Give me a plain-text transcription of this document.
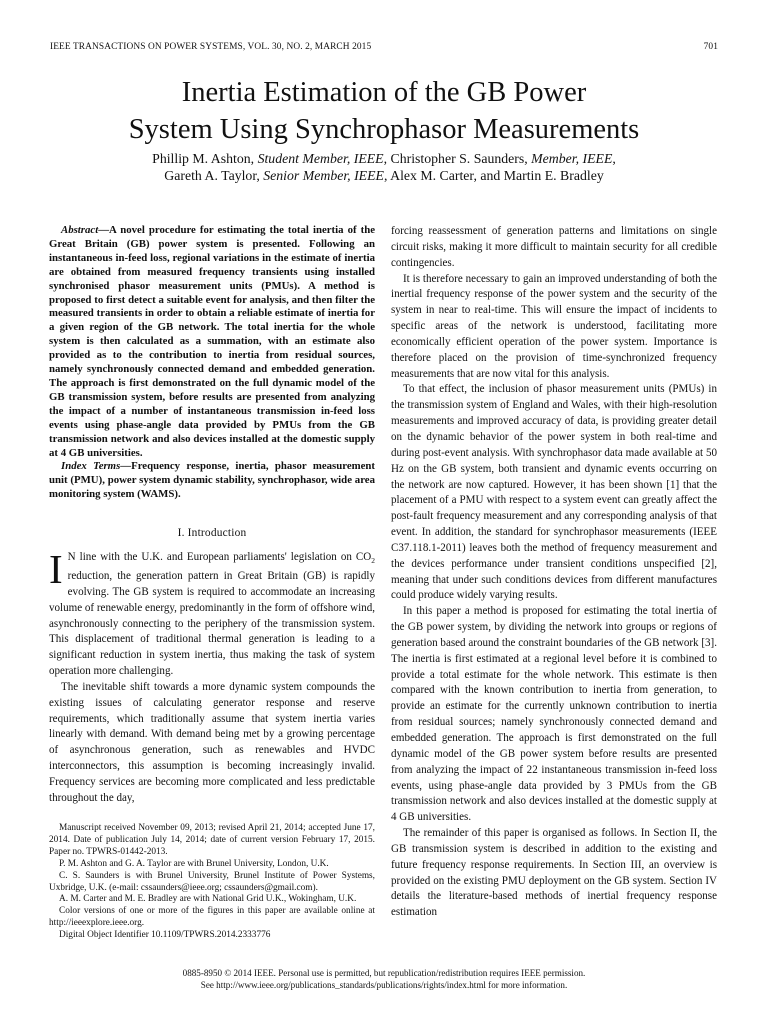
IEEE TRANSACTIONS ON POWER SYSTEMS, VOL. 30, NO. 2, MARCH 2015	701
Inertia Estimation of the GB Power
System Using Synchrophasor Measurements
Phillip M. Ashton, Student Member, IEEE, Christopher S. Saunders, Member, IEEE,
Gareth A. Taylor, Senior Member, IEEE, Alex M. Carter, and Martin E. Bradley

Abstract—A novel procedure for estimating the total inertia of the Great Britain (GB) power system is presented. Following an instantaneous in-feed loss, regional variations in the estimate of inertia are obtained from measured frequency transients using installed synchronised phasor measurement units (PMUs). A method is proposed to first detect a suitable event for analysis, and then filter the measured transients in order to obtain a reliable estimate of inertia for a given region of the GB network. The total inertia for the whole system is then calculated as a summation, with an estimate also provided as to the contribution to inertia from residual sources, namely synchronously connected demand and embedded generation. The approach is first demonstrated on the full dynamic model of the GB transmission system, before results are presented from analyzing the impact of a number of instantaneous transmission in-feed loss events using phase-angle data provided by PMUs from the GB transmission network and also devices installed at the domestic supply at 4 GB universities.

Index Terms—Frequency response, inertia, phasor measurement unit (PMU), power system dynamic stability, synchrophasor, wide area monitoring system (WAMS).

I. Introduction

I N line with the U.K. and European parliaments' legislation on $CO_2$ reduction, the generation pattern in Great Britain (GB) is rapidly evolving. The GB system is required to accommodate an increasing volume of renewable energy, predominantly in the form of offshore wind, asynchronously connecting to the periphery of the transmission system. This displacement of traditional thermal generation is leading to a significant reduction in system inertia, thus making the task of system operation more challenging.

The inevitable shift towards a more dynamic system compounds the existing issues of calculating generator response and reserve requirements, which traditionally assume that system inertia varies linearly with demand. With demand being met by a growing percentage of asynchronous generation, such as renewables and HVDC interconnectors, this assumption is becoming increasingly invalid. Frequency services are becoming more complicated and less predictable throughout the day,

Manuscript received November 09, 2013; revised April 21, 2014; accepted June 17, 2014. Date of publication July 14, 2014; date of current version February 17, 2015. Paper no. TPWRS-01442-2013.

P. M. Ashton and G. A. Taylor are with Brunel University, London, U.K.

C. S. Saunders is with Brunel University, Brunel Institute of Power Systems, Uxbridge, U.K. (e-mail: cssaunders@ieee.org; cssaunders@gmail.com).

A. M. Carter and M. E. Bradley are with National Grid U.K., Wokingham, U.K.

Color versions of one or more of the figures in this paper are available online at http://ieeexplore.ieee.org.

Digital Object Identifier 10.1109/TPWRS.2014.2333776

forcing reassessment of generation patterns and limitations on single circuit risks, making it more difficult to maintain security for all credible contingencies.

It is therefore necessary to gain an improved understanding of both the inertial frequency response of the power system and the security of the system in near to real-time. This will ensure the impact of incidents to specific areas of the network is understood, facilitating more economically efficient operation of the power system. Importance is therefore placed on the provision of time-synchronized frequency measurements that are now vital for this analysis.

To that effect, the inclusion of phasor measurement units (PMUs) in the transmission system of England and Wales, with their high-resolution measurements and improved accuracy of data, is providing greater detail on the dynamic behavior of the power system in both real-time and during post-event analysis. With synchrophasor data made available at 50 Hz on the GB system, both transient and dynamic events occurring on the network are now captured. However, it has been shown [1] that the placement of a PMU with respect to a system event can greatly affect the post-fault frequency measurement and any corresponding analysis of that event. In addition, the standard for synchrophasor measurements (IEEE C37.118.1-2011) leaves both the method of frequency measurement and the devices performance under transient conditions unspecified [2], meaning that under such conditions devices from different manufactures could produce widely varying results.

In this paper a method is proposed for estimating the total inertia of the GB power system, by dividing the network into groups or regions of generation based around the constraint boundaries of the GB network [3]. The inertia is first estimated at a regional level before it is combined to provide a total estimate for the whole network. This estimate is then compared with the known contribution to inertia from generation, to provide an estimate for the currently unknown contribution to inertia from residual sources; namely synchronously connected demand and embedded generation. The approach is first demonstrated on the full dynamic model of the GB power system before results are presented from analyzing the impact of 22 instantaneous transmission in-feed loss events, using phase-angle data provided by 3 PMUs from the GB transmission network and also devices installed at the domestic supply at 4 GB universities.

The remainder of this paper is organised as follows. In Section II, the GB transmission system is described in addition to the existing and future frequency response requirements. In Section III, an overview is provided on the existing PMU deployment on the GB system. Section IV details the literature-based methods of inertial frequency response estimation

0885-8950 © 2014 IEEE. Personal use is permitted, but republication/redistribution requires IEEE permission.
See http://www.ieee.org/publications_standards/publications/rights/index.html for more information.
